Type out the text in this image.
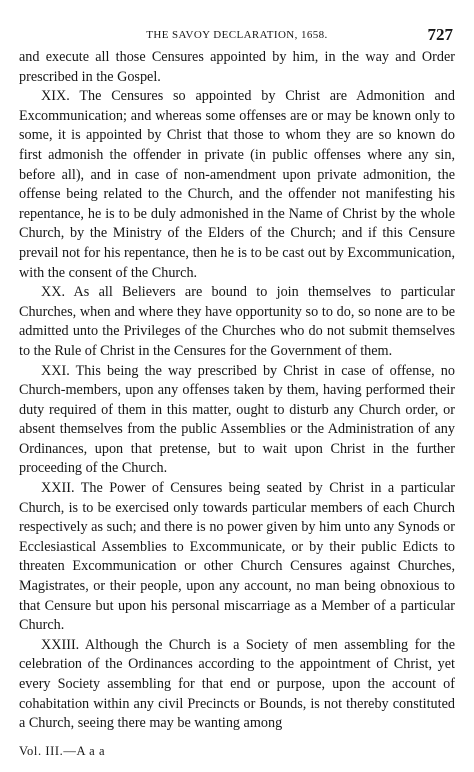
THE SAVOY DECLARATION, 1658.	727

and execute all those Censures appointed by him, in the way and Order prescribed in the Gospel.

XIX. The Censures so appointed by Christ are Admonition and Excommunication; and whereas some offenses are or may be known only to some, it is appointed by Christ that those to whom they are so known do first admonish the offender in private (in public offenses where any sin, before all), and in case of non-amendment upon private admonition, the offense being related to the Church, and the offender not manifesting his repentance, he is to be duly admonished in the Name of Christ by the whole Church, by the Ministry of the Elders of the Church; and if this Censure prevail not for his repentance, then he is to be cast out by Excommunication, with the consent of the Church.

XX. As all Believers are bound to join themselves to particular Churches, when and where they have opportunity so to do, so none are to be admitted unto the Privileges of the Churches who do not submit themselves to the Rule of Christ in the Censures for the Government of them.

XXI. This being the way prescribed by Christ in case of offense, no Church-members, upon any offenses taken by them, having performed their duty required of them in this matter, ought to disturb any Church order, or absent themselves from the public Assemblies or the Administration of any Ordinances, upon that pretense, but to wait upon Christ in the further proceeding of the Church.

XXII. The Power of Censures being seated by Christ in a particular Church, is to be exercised only towards particular members of each Church respectively as such; and there is no power given by him unto any Synods or Ecclesiastical Assemblies to Excommunicate, or by their public Edicts to threaten Excommunication or other Church Censures against Churches, Magistrates, or their people, upon any account, no man being obnoxious to that Censure but upon his personal miscarriage as a Member of a particular Church.

XXIII. Although the Church is a Society of men assembling for the celebration of the Ordinances according to the appointment of Christ, yet every Society assembling for that end or purpose, upon the account of cohabitation within any civil Precincts or Bounds, is not thereby constituted a Church, seeing there may be wanting among

Vol. III.—A a a
